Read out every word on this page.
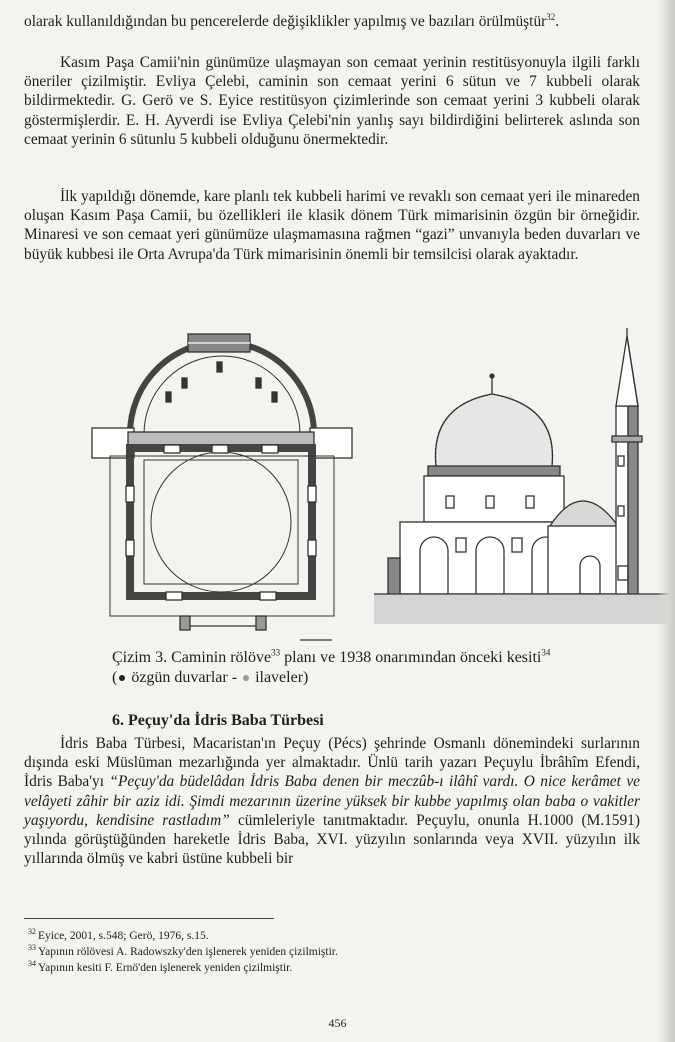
olarak kullanıldığından bu pencerelerde değişiklikler yapılmış ve bazıları örülmüştür$^{32}$.

Kasım Paşa Camii'nin günümüze ulaşmayan son cemaat yerinin restitüsyonuyla ilgili farklı öneriler çizilmiştir. Evliya Çelebi, caminin son cemaat yerini 6 sütun ve 7 kubbeli olarak bildirmektedir. G. Gerö ve S. Eyice restitüsyon çizimlerinde son cemaat yerini 3 kubbeli olarak göstermişlerdir. E. H. Ayverdi ise Evliya Çelebi'nin yanlış sayı bildirdiğini belirterek aslında son cemaat yerinin 6 sütunlu 5 kubbeli olduğunu önermektedir.

İlk yapıldığı dönemde, kare planlı tek kubbeli harimi ve revaklı son cemaat yeri ile minareden oluşan Kasım Paşa Camii, bu özellikleri ile klasik dönem Türk mimarisinin özgün bir örneğidir. Minaresi ve son cemaat yeri günümüze ulaşmamasına rağmen “gazi” unvanıyla beden duvarları ve büyük kubbesi ile Orta Avrupa'da Türk mimarisinin önemli bir temsilcisi olarak ayaktadır.

Çizim 3. Caminin rölöve$^{33}$ planı ve 1938 onarımından önceki kesiti$^{34}$
( özgün duvarlar -  ilaveler)
6. Peçuy'da İdris Baba Türbesi

İdris Baba Türbesi, Macaristan'ın Peçuy (Pécs) şehrinde Osmanlı dönemindeki surlarının dışında eski Müslüman mezarlığında yer almaktadır. Ünlü tarih yazarı Peçuylu İbrâhîm Efendi, İdris Baba'yı “Peçuy'da büdelâdan İdris Baba denen bir meczûb-ı ilâhî vardı. O nice kerâmet ve velâyeti zâhir bir aziz idi. Şimdi mezarının üzerine yüksek bir kubbe yapılmış olan baba o vakitler yaşıyordu, kendisine rastladım” cümleleriyle tanıtmaktadır. Peçuylu, onunla H.1000 (M.1591) yılında görüştüğünden hareketle İdris Baba, XVI. yüzyılın sonlarında veya XVII. yüzyılın ilk yıllarında ölmüş ve kabri üstüne kubbeli bir

$^{32}$ Eyice, 2001, s.548; Gerö, 1976, s.15.
$^{33}$ Yapının rölövesi A. Radowszky'den işlenerek yeniden çizilmiştir.
$^{34}$ Yapının kesiti F. Ernö'den işlenerek yeniden çizilmiştir.
456
